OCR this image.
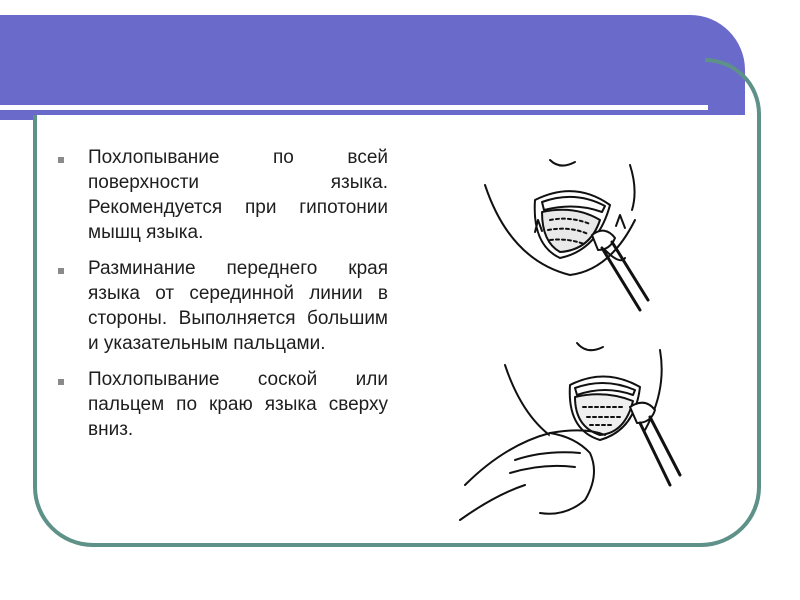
Похлопывание по всей поверхности языка. Рекомендуется при гипотонии мышц языка.
Разминание переднего края языка от серединной линии в стороны. Выполняется большим и указательным пальцами.
Похлопывание соской или пальцем по краю языка сверху вниз.
